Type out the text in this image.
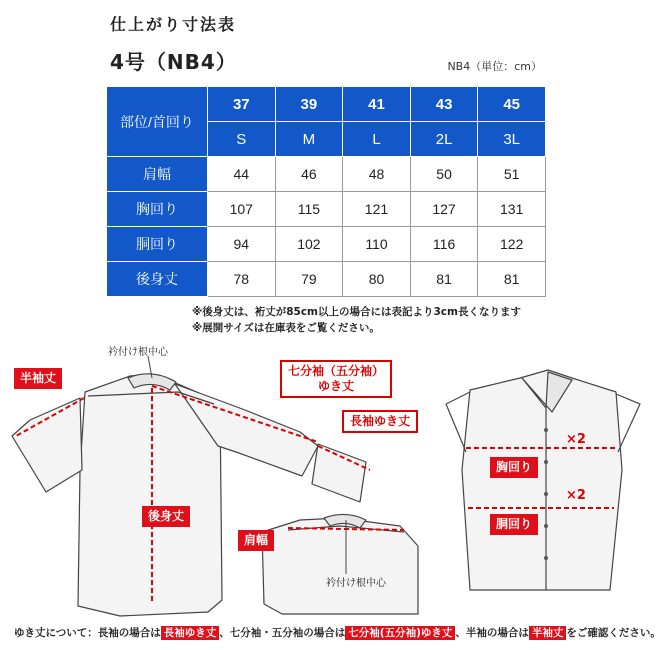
仕上がり寸法表
4号（NB4）	NB4（単位：cm）
部位/首回り	37	39	41	43	45
	S	M	L	2L	3L
肩幅	44	46	48	50	51
胸回り	107	115	121	127	131
胴回り	94	102	110	116	122
後身丈	78	79	80	81	81
※後身丈は、裄丈が85cm以上の場合には表記より3cm長くなります
※展開サイズは在庫表をご覧ください。
衿付け根中心
衿付け根中心
半袖丈	七分袖（五分袖）
ゆき丈
長袖ゆき丈
後身丈
肩幅
胸回り
胴回り
×2
×2
ゆき丈について：長袖の場合は 長袖ゆき丈 、七分袖・五分袖の場合は 七分袖(五分袖)ゆき丈 、半袖の場合は 半袖丈 をご確認ください。
